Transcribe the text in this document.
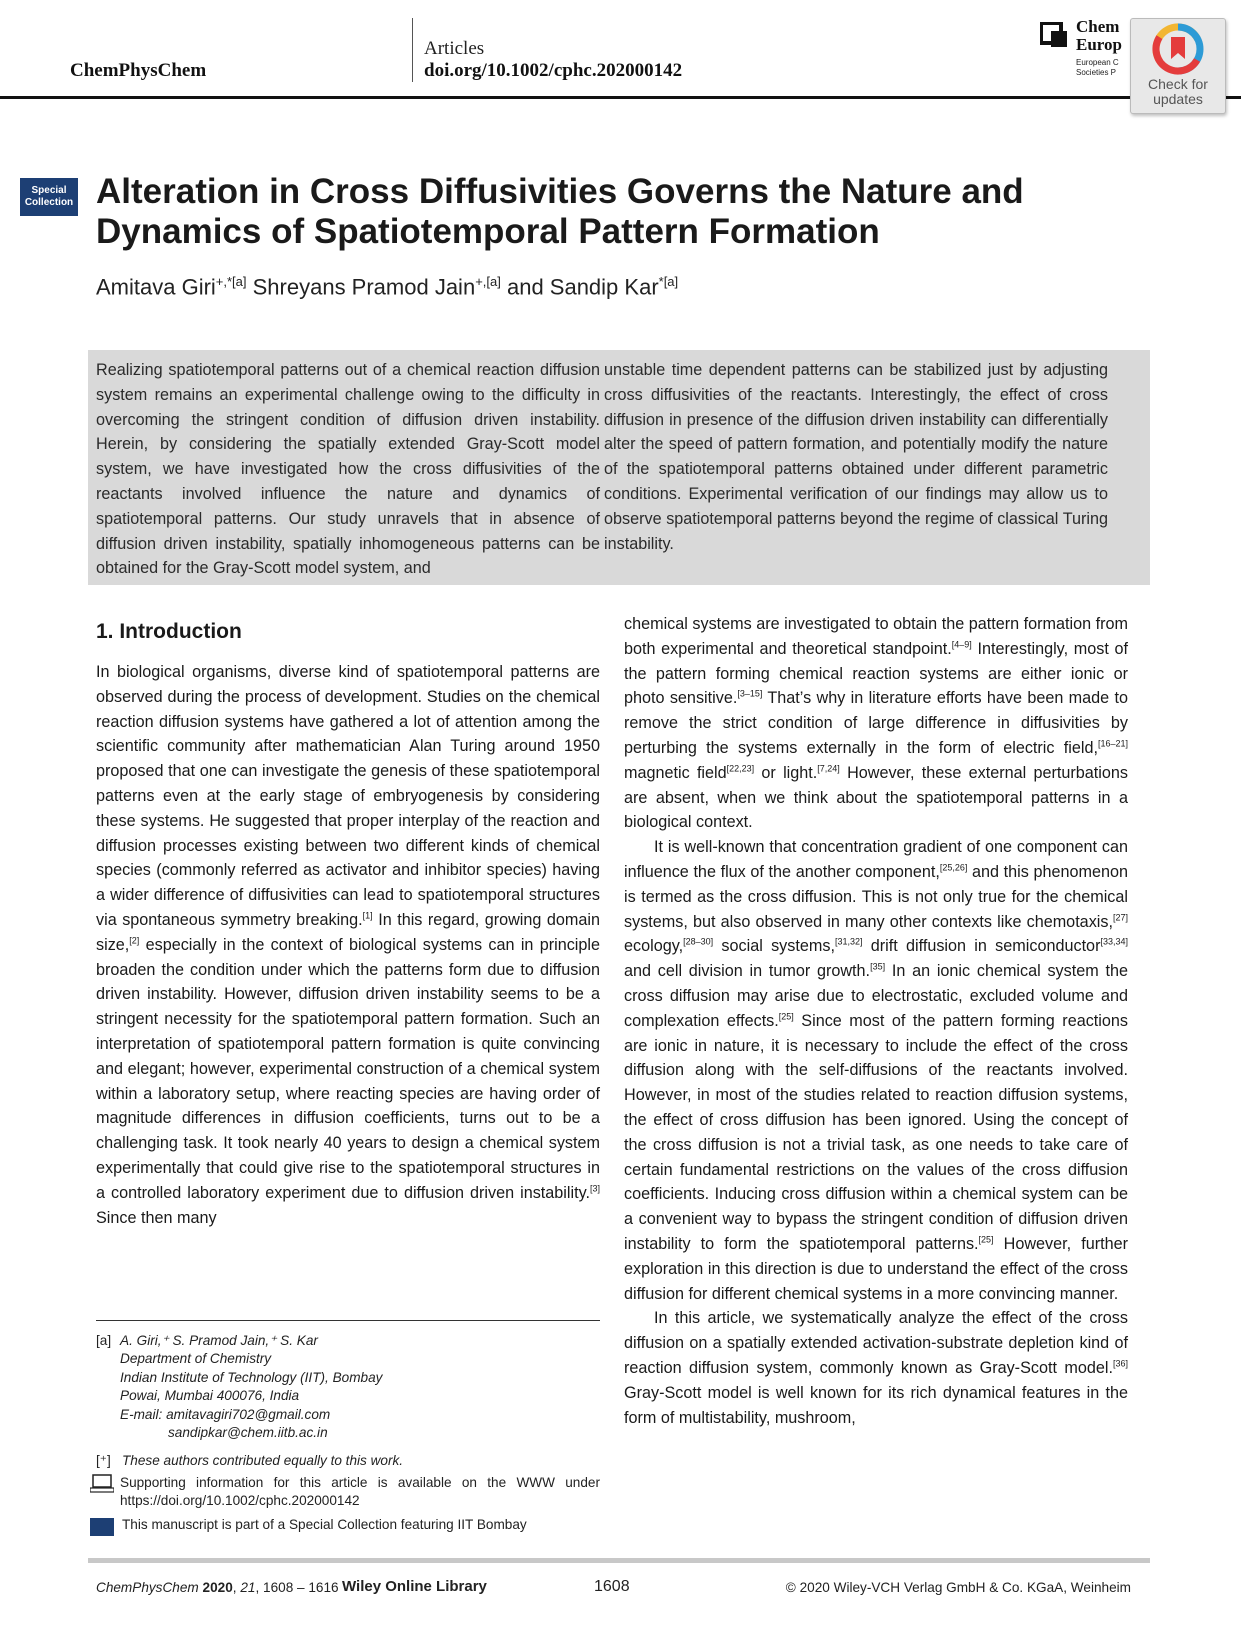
ChemPhysChem
Articles
doi.org/10.1002/cphc.202000142
Chem
Europ
European C
Societies P
Check for updates
Special
Collection Alteration in Cross Diffusivities Governs the Nature and Dynamics of Spatiotemporal Pattern Formation
Amitava Giri$^{+,*[a]}$ Shreyans Pramod Jain$^{+,[a]}$ and Sandip Kar$^{*[a]}$
Realizing spatiotemporal patterns out of a chemical reaction diffusion system remains an experimental challenge owing to the difficulty in overcoming the stringent condition of diffusion driven instability. Herein, by considering the spatially extended Gray-Scott model system, we have investigated how the cross diffusivities of the reactants involved influence the nature and dynamics of spatiotemporal patterns. Our study unravels that in absence of diffusion driven instability, spatially inhomogeneous patterns can be obtained for the Gray-Scott model system, and
unstable time dependent patterns can be stabilized just by adjusting cross diffusivities of the reactants. Interestingly, the effect of cross diffusion in presence of the diffusion driven instability can differentially alter the speed of pattern formation, and potentially modify the nature of the spatiotemporal patterns obtained under different parametric conditions. Experimental verification of our findings may allow us to observe spatiotemporal patterns beyond the regime of classical Turing instability.
1. Introduction

In biological organisms, diverse kind of spatiotemporal patterns are observed during the process of development. Studies on the chemical reaction diffusion systems have gathered a lot of attention among the scientific community after mathematician Alan Turing around 1950 proposed that one can investigate the genesis of these spatiotemporal patterns even at the early stage of embryogenesis by considering these systems. He suggested that proper interplay of the reaction and diffusion processes existing between two different kinds of chemical species (commonly referred as activator and inhibitor species) having a wider difference of diffusivities can lead to spatiotemporal structures via spontaneous symmetry breaking.[1] In this regard, growing domain size,[2] especially in the context of biological systems can in principle broaden the condition under which the patterns form due to diffusion driven instability. However, diffusion driven instability seems to be a stringent necessity for the spatiotemporal pattern formation. Such an interpretation of spatiotemporal pattern formation is quite convincing and elegant; however, experimental construction of a chemical system within a laboratory setup, where reacting species are having order of magnitude differences in diffusion coefficients, turns out to be a challenging task. It took nearly 40 years to design a chemical system experimentally that could give rise to the spatiotemporal structures in a controlled laboratory experiment due to diffusion driven instability.[3] Since then many

chemical systems are investigated to obtain the pattern formation from both experimental and theoretical standpoint.[4–9] Interestingly, most of the pattern forming chemical reaction systems are either ionic or photo sensitive.[3–15] That’s why in literature efforts have been made to remove the strict condition of large difference in diffusivities by perturbing the systems externally in the form of electric field,[16–21] magnetic field[22,23] or light.[7,24] However, these external perturbations are absent, when we think about the spatiotemporal patterns in a biological context.

It is well-known that concentration gradient of one component can influence the flux of the another component,[25,26] and this phenomenon is termed as the cross diffusion. This is not only true for the chemical systems, but also observed in many other contexts like chemotaxis,[27] ecology,[28–30] social systems,[31,32] drift diffusion in semiconductor[33,34] and cell division in tumor growth.[35] In an ionic chemical system the cross diffusion may arise due to electrostatic, excluded volume and complexation effects.[25] Since most of the pattern forming reactions are ionic in nature, it is necessary to include the effect of the cross diffusion along with the self-diffusions of the reactants involved. However, in most of the studies related to reaction diffusion systems, the effect of cross diffusion has been ignored. Using the concept of the cross diffusion is not a trivial task, as one needs to take care of certain fundamental restrictions on the values of the cross diffusion coefficients. Inducing cross diffusion within a chemical system can be a convenient way to bypass the stringent condition of diffusion driven instability to form the spatiotemporal patterns.[25] However, further exploration in this direction is due to understand the effect of the cross diffusion for different chemical systems in a more convincing manner.

In this article, we systematically analyze the effect of the cross diffusion on a spatially extended activation-substrate depletion kind of reaction diffusion system, commonly known as Gray-Scott model.[36] Gray-Scott model is well known for its rich dynamical features in the form of multistability, mushroom,

[a] A. Giri,⁺ S. Pramod Jain,⁺ S. Kar
Department of Chemistry
Indian Institute of Technology (IIT), Bombay
Powai, Mumbai 400076, India
E-mail: amitavagiri702@gmail.com
sandipkar@chem.iitb.ac.in
[⁺] These authors contributed equally to this work.
Supporting information for this article is available on the WWW under https://doi.org/10.1002/cphc.202000142
This manuscript is part of a Special Collection featuring IIT Bombay
ChemPhysChem 2020, 21, 1608 – 1616 Wiley Online Library	1608	© 2020 Wiley-VCH Verlag GmbH & Co. KGaA, Weinheim
